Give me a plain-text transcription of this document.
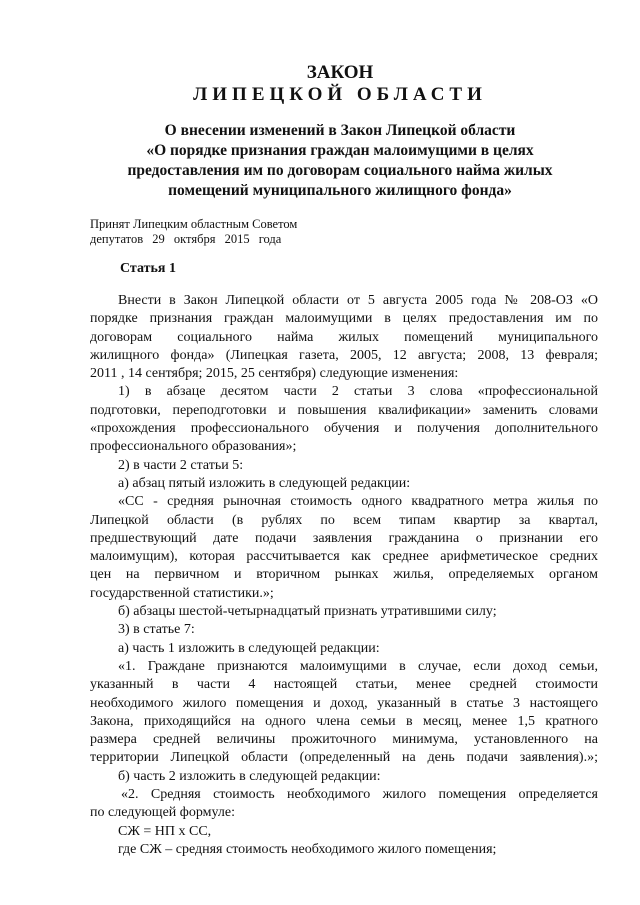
ЗАКОН
ЛИПЕЦКОЙ ОБЛАСТИ
О внесении изменений в Закон Липецкой области
«О порядке признания граждан малоимущими в целях
предоставления им по договорам социального найма жилых
помещений муниципального жилищного фонда»
Принят Липецким областным Советом
депутатов 29 октября 2015 года
Статья 1
Внести в Закон Липецкой области от 5 августа 2005 года № 208-ОЗ «О
порядке признания граждан малоимущими в целях предоставления им по
договорам социального найма жилых помещений муниципального
жилищного фонда» (Липецкая газета, 2005, 12 августа; 2008, 13 февраля;
2011 , 14 сентября; 2015, 25 сентября) следующие изменения:
1) в абзаце десятом части 2 статьи 3 слова «профессиональной
подготовки, переподготовки и повышения квалификации» заменить словами
«прохождения профессионального обучения и получения дополнительного
профессионального образования»;
2) в части 2 статьи 5:
а) абзац пятый изложить в следующей редакции:
«СС - средняя рыночная стоимость одного квадратного метра жилья по
Липецкой области (в рублях по всем типам квартир за квартал,
предшествующий дате подачи заявления гражданина о признании его
малоимущим), которая рассчитывается как среднее арифметическое средних
цен на первичном и вторичном рынках жилья, определяемых органом
государственной статистики.»;
б) абзацы шестой-четырнадцатый признать утратившими силу;
3) в статье 7:
а) часть 1 изложить в следующей редакции:
«1. Граждане признаются малоимущими в случае, если доход семьи,
указанный в части 4 настоящей статьи, менее средней стоимости
необходимого жилого помещения и доход, указанный в статье 3 настоящего
Закона, приходящийся на одного члена семьи в месяц, менее 1,5 кратного
размера средней величины прожиточного минимума, установленного на
территории Липецкой области (определенный на день подачи заявления).»;
б) часть 2 изложить в следующей редакции:
«2. Средняя стоимость необходимого жилого помещения определяется
по следующей формуле:
СЖ = НП х СС,
где СЖ – средняя стоимость необходимого жилого помещения;
